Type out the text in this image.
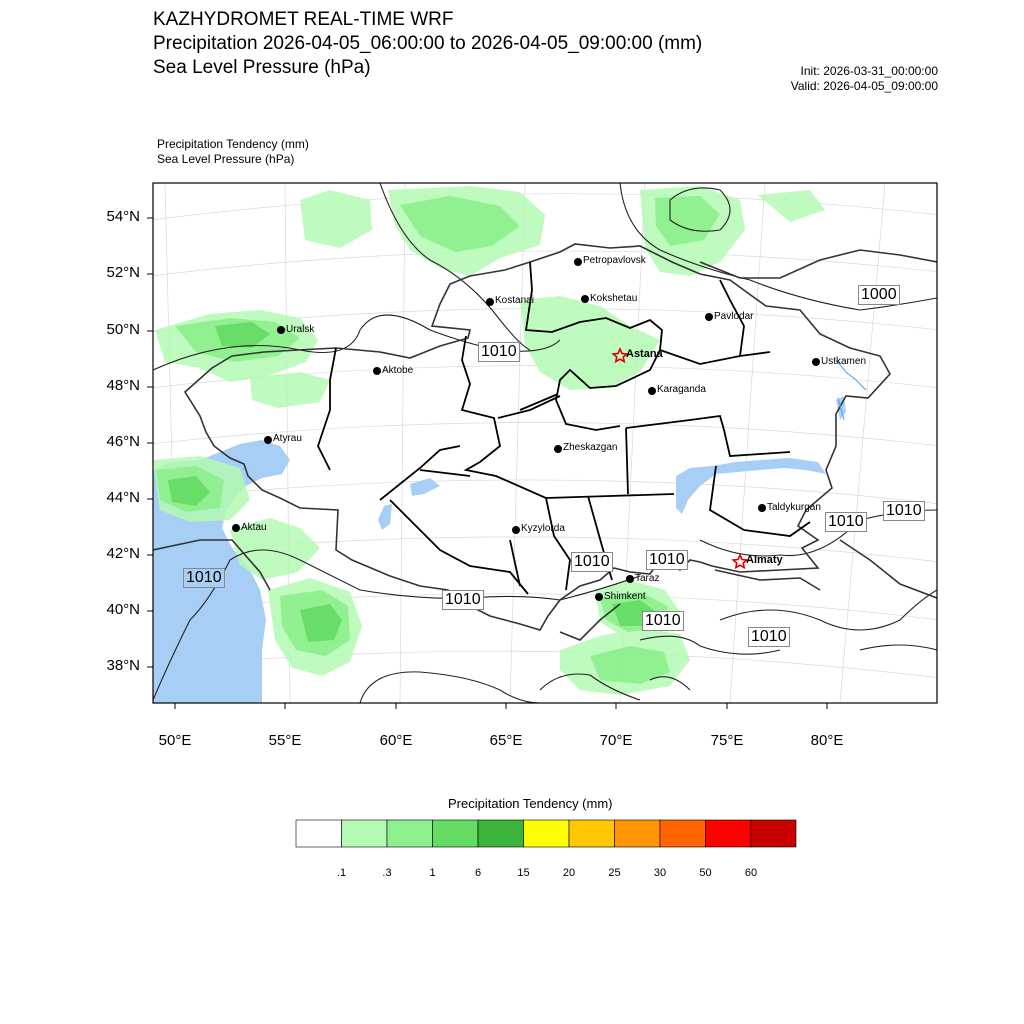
KAZHYDROMET REAL-TIME WRF
Precipitation 2026-04-05_06:00:00 to 2026-04-05_09:00:00 (mm)
Sea Level Pressure (hPa)	Init: 2026-03-31_00:00:00
Valid: 2026-04-05_09:00:00
Precipitation Tendency (mm)
Sea Level Pressure (hPa)
Petropavlovsk
Kostanai	Kokshetau
Pavlodar
Uralsk
Astana
Ustkamen
Aktobe
Karaganda
Atyrau
Zheskazgan
Taldykurgan
Aktau	Kyzylorda
Almaty
Taraz
Shimkent
1000
1010
1010
1010
1010 1010
1010
1010
1010
1010
54°N
52°N
50°N
48°N
46°N
44°N
42°N
40°N
38°N
50°E	55°E	60°E	65°E	70°E	75°E	80°E
Precipitation Tendency (mm)
.1	.3	1	6	15	20	25	30	50	60
